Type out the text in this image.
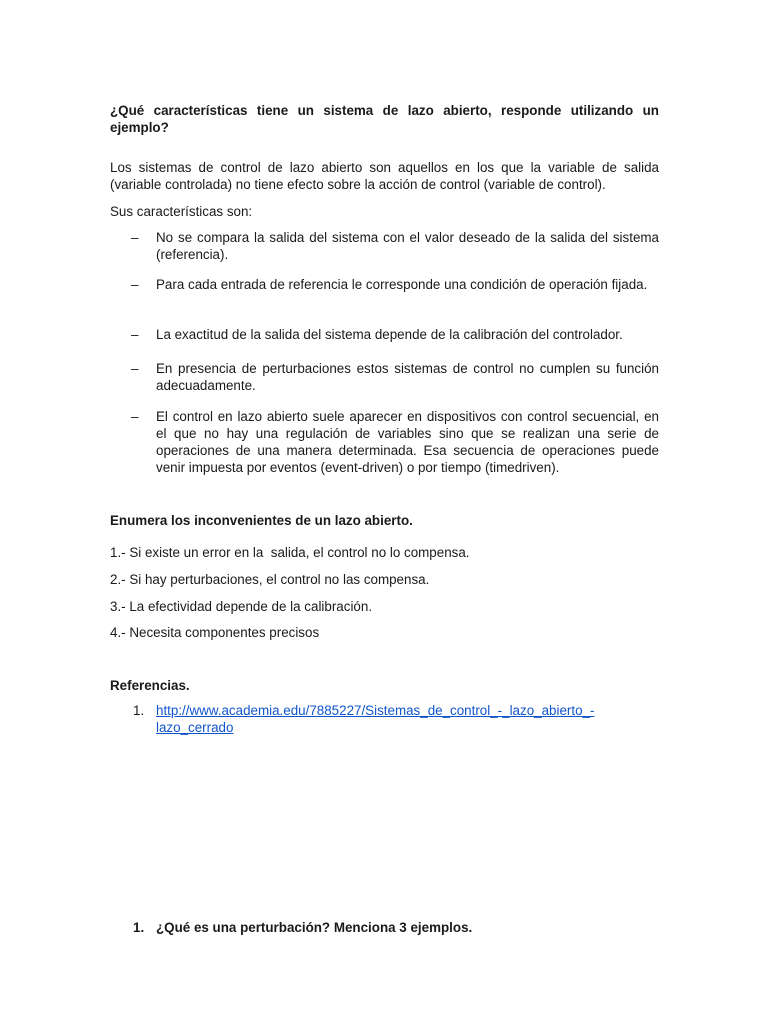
¿Qué características tiene un sistema de lazo abierto, responde utilizando un ejemplo?
Los sistemas de control de lazo abierto son aquellos en los que la variable de salida (variable controlada) no tiene efecto sobre la acción de control (variable de control).
Sus características son:
– No se compara la salida del sistema con el valor deseado de la salida del sistema (referencia).
– Para cada entrada de referencia le corresponde una condición de operación fijada.
– La exactitud de la salida del sistema depende de la calibración del controlador.
– En presencia de perturbaciones estos sistemas de control no cumplen su función adecuadamente.
– El control en lazo abierto suele aparecer en dispositivos con control secuencial, en el que no hay una regulación de variables sino que se realizan una serie de operaciones de una manera determinada. Esa secuencia de operaciones puede venir impuesta por eventos (event-driven) o por tiempo (timedriven).
Enumera los inconvenientes de un lazo abierto.
1.- Si existe un error en la  salida, el control no lo compensa.
2.- Si hay perturbaciones, el control no las compensa.
3.- La efectividad depende de la calibración.
4.- Necesita componentes precisos
Referencias.
1. http://www.academia.edu/7885227/Sistemas_de_control_-_lazo_abierto_-
lazo_cerrado
1. ¿Qué es una perturbación? Menciona 3 ejemplos.
